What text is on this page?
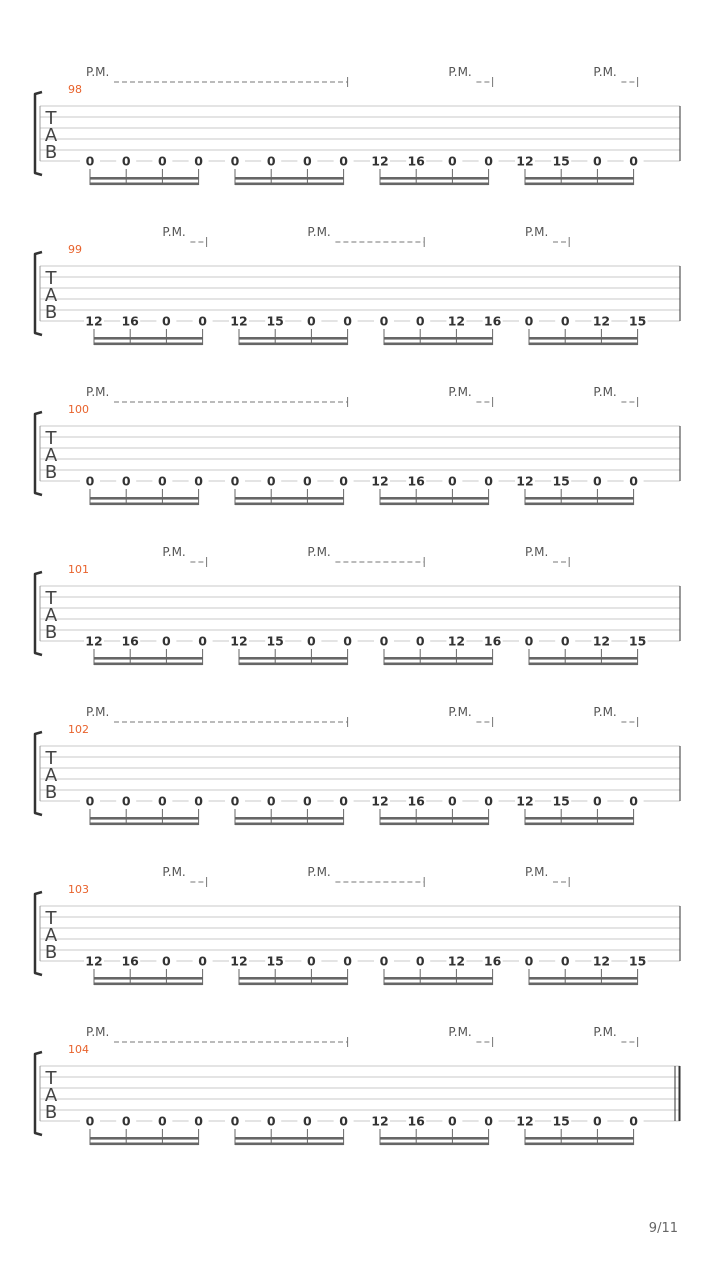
T
A
B
98
P.M.	P.M.	P.M.
0 0 0 0 0 0 0 0 12 16 0 0 12 15 0 0
T
A
B
99
P.M.	P.M.	P.M.
12 16 0 0 12 15 0 0 0 0 12 16 0 0 12 15
T
A
B
100
P.M.	P.M.	P.M.
0 0 0 0 0 0 0 0 12 16 0 0 12 15 0 0
T
A
B
101
P.M.	P.M.	P.M.
12 16 0 0 12 15 0 0 0 0 12 16 0 0 12 15
T
A
B
102
P.M.	P.M.	P.M.
0 0 0 0 0 0 0 0 12 16 0 0 12 15 0 0
T
A
B
103
P.M.	P.M.	P.M.
12 16 0 0 12 15 0 0 0 0 12 16 0 0 12 15
T
A
B
104
P.M.	P.M.	P.M.
0 0 0 0 0 0 0 0 12 16 0 0 12 15 0 0
9/11
